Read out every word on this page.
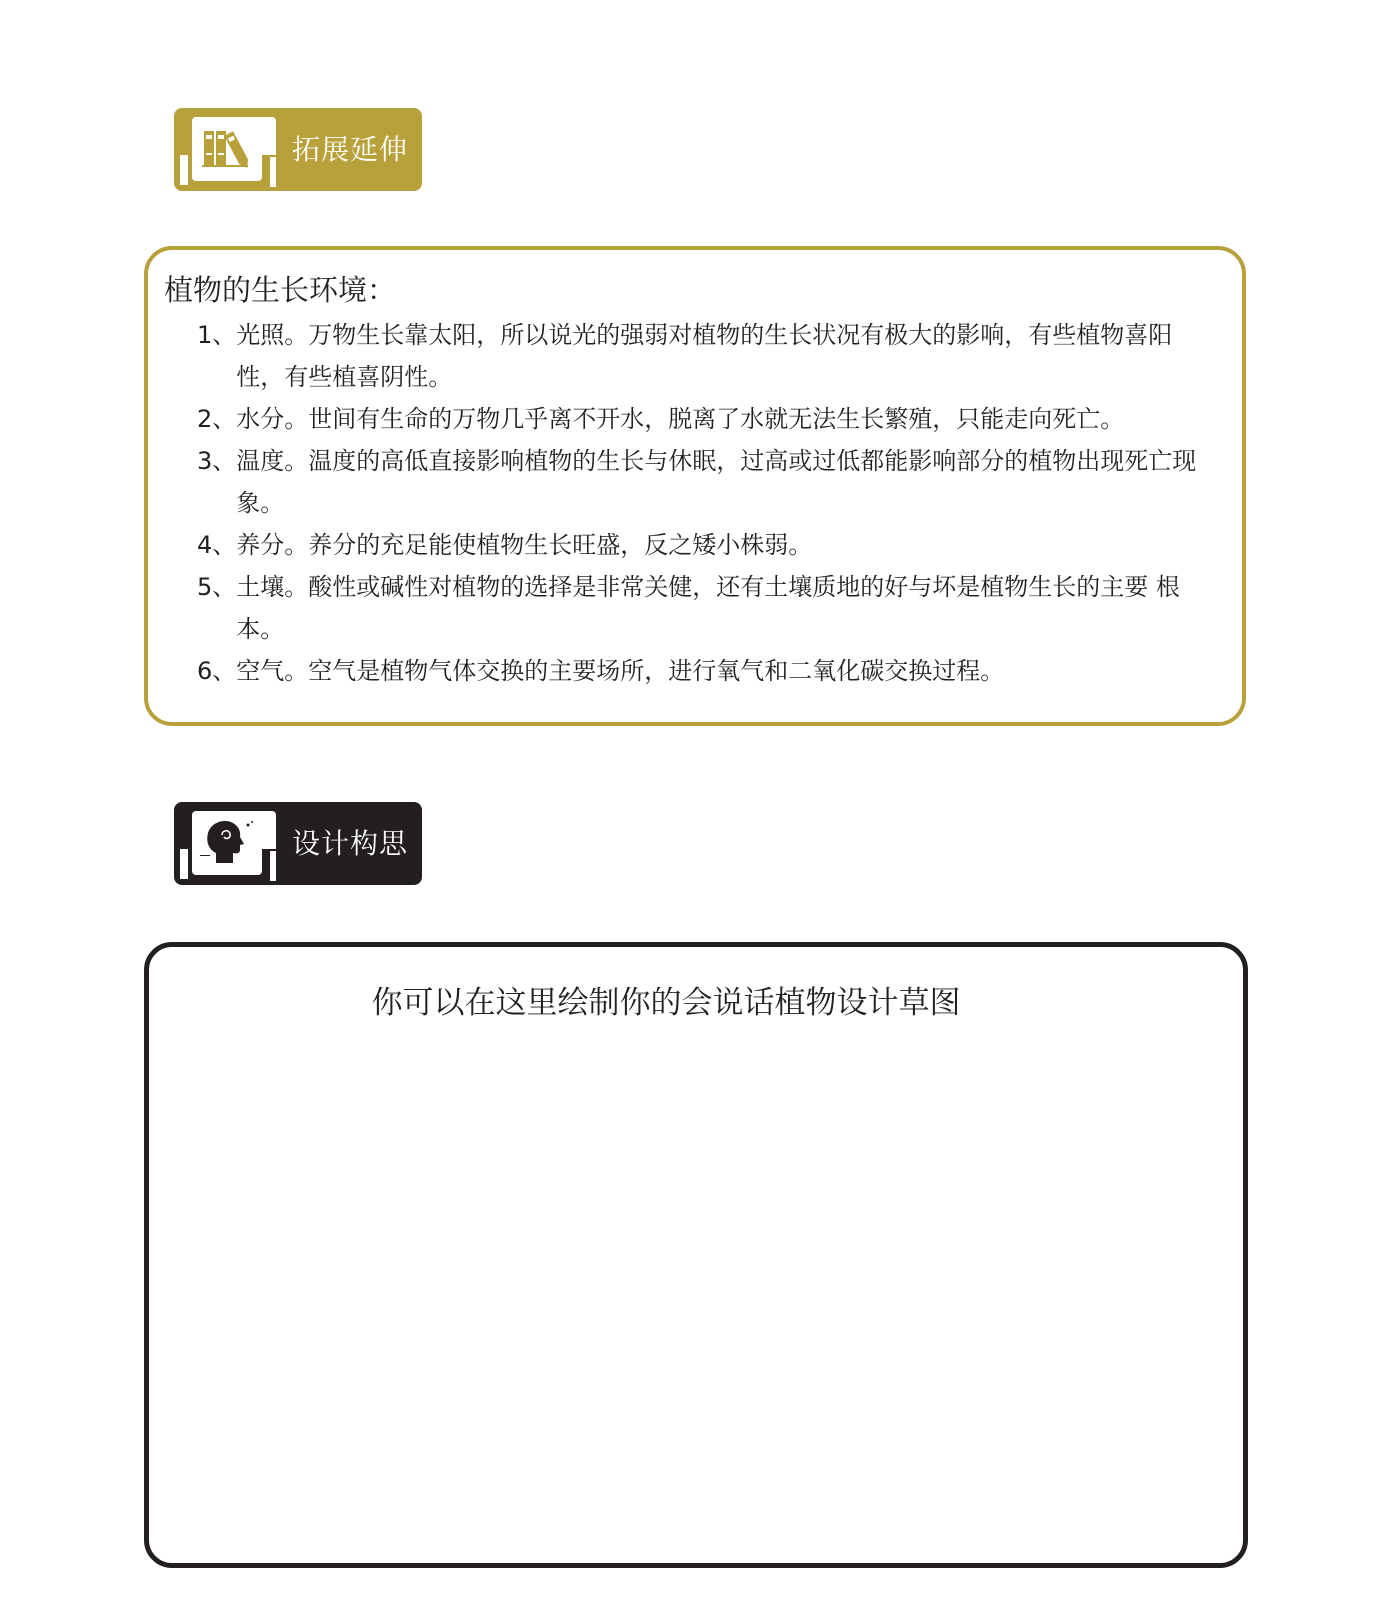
拓展延伸
植物的生长环境：
1、 光照。万物生长靠太阳，所以说光的强弱对植物的生长状况有极大的影响，有些植物喜阳性，有些植喜阴性。
2、 水分。世间有生命的万物几乎离不开水，脱离了水就无法生长繁殖，只能走向死亡。
3、 温度。温度的高低直接影响植物的生长与休眠，过高或过低都能影响部分的植物出现死亡现象。
4、 养分。养分的充足能使植物生长旺盛，反之矮小株弱。
5、 土壤。酸性或碱性对植物的选择是非常关健，还有土壤质地的好与坏是植物生长的主要 根本。
6、 空气。空气是植物气体交换的主要场所，进行氧气和二氧化碳交换过程。
设计构思
你可以在这里绘制你的会说话植物设计草图
